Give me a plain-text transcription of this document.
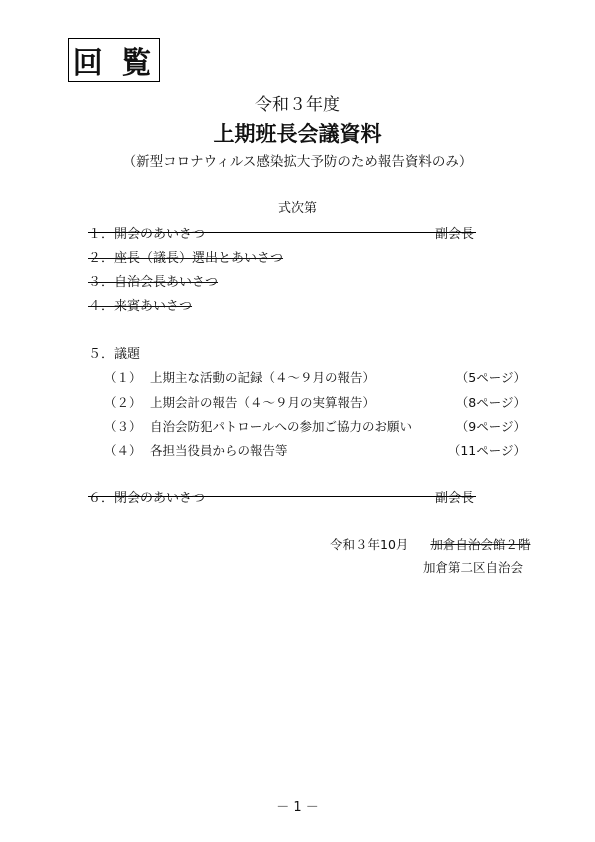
回 覧
令和３年度
上期班長会議資料
（新型コロナウィルス感染拡大予防のため報告資料のみ）
式次第
１．開会のあいさつ	副会長
２．座長（議長）選出とあいさつ
３．自治会長あいさつ
４．来賓あいさつ
５．議題
（１） 上期主な活動の記録（４～９月の報告）	（5ページ）
（２） 上期会計の報告（４～９月の実算報告）	（8ページ）
（３） 自治会防犯パトロールへの参加ご協力のお願い	（9ページ）
（４） 各担当役員からの報告等	（11ページ）
６．閉会のあいさつ	副会長
令和３年10月 加倉自治会館２階
加倉第二区自治会
－ 1 －
